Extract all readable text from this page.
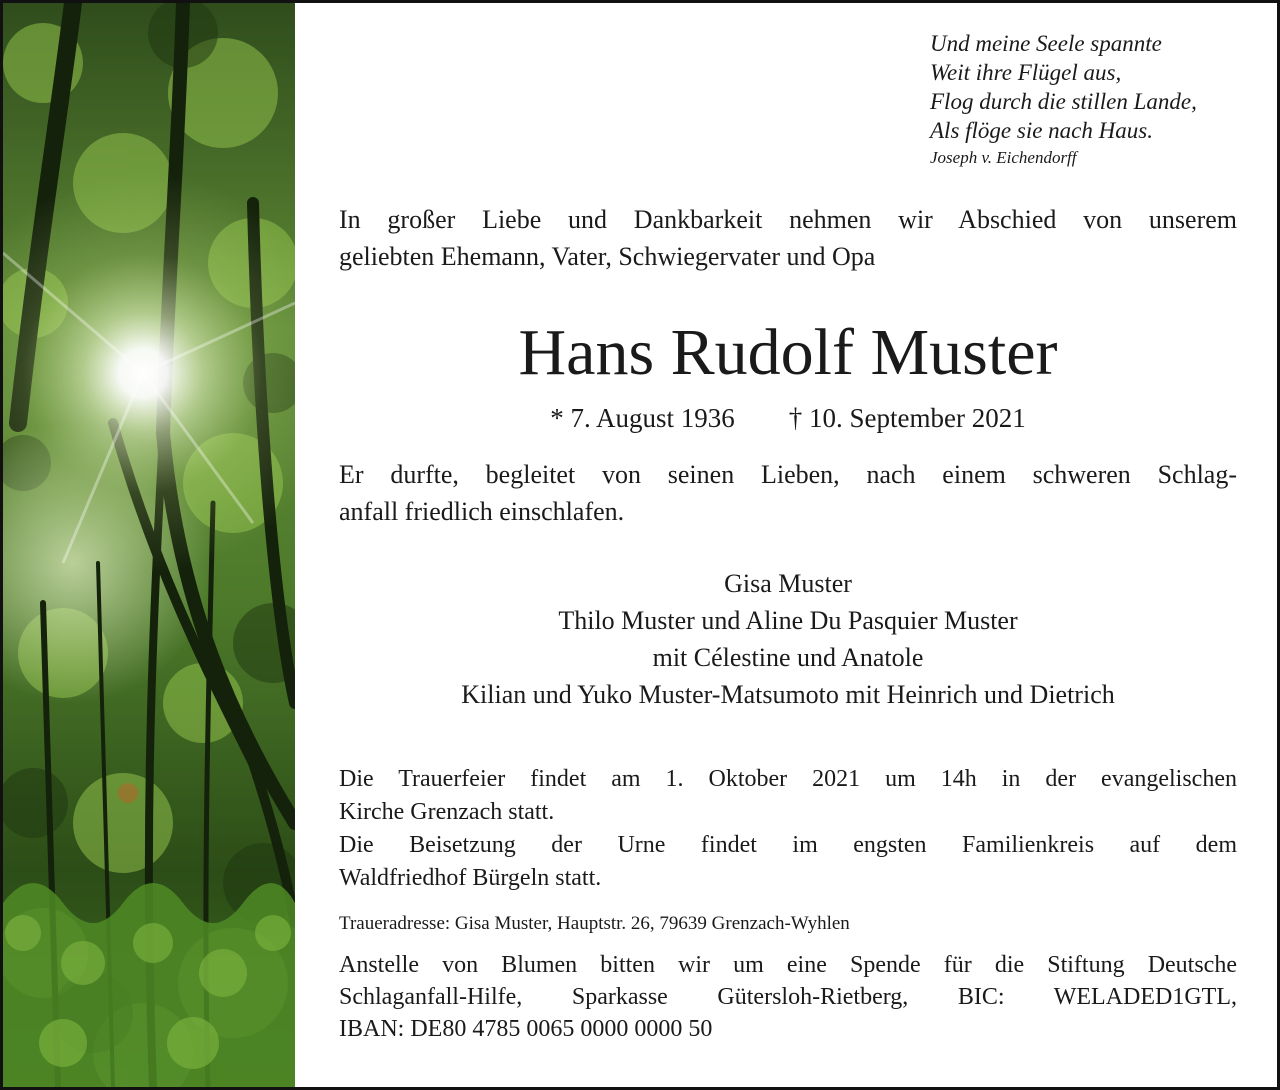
Und meine Seele spannte
Weit ihre Flügel aus,
Flog durch die stillen Lande,
Als flöge sie nach Haus.
Joseph v. Eichendorff
In großer Liebe und Dankbarkeit nehmen wir Abschied von unserem
geliebten Ehemann, Vater, Schwiegervater und Opa
Hans Rudolf Muster
* 7. August 1936 † 10. September 2021
Er durfte, begleitet von seinen Lieben, nach einem schweren Schlag-
anfall friedlich einschlafen.
Gisa Muster
Thilo Muster und Aline Du Pasquier Muster
mit Célestine und Anatole
Kilian und Yuko Muster-Matsumoto mit Heinrich und Dietrich
Die Trauerfeier findet am 1. Oktober 2021 um 14h in der evangelischen
Kirche Grenzach statt.
Die Beisetzung der Urne findet im engsten Familienkreis auf dem
Waldfriedhof Bürgeln statt.
Traueradresse: Gisa Muster, Hauptstr. 26, 79639 Grenzach-Wyhlen
Anstelle von Blumen bitten wir um eine Spende für die Stiftung Deutsche
Schlaganfall-Hilfe, Sparkasse Gütersloh-Rietberg, BIC: WELADED1GTL,
IBAN: DE80 4785 0065 0000 0000 50
